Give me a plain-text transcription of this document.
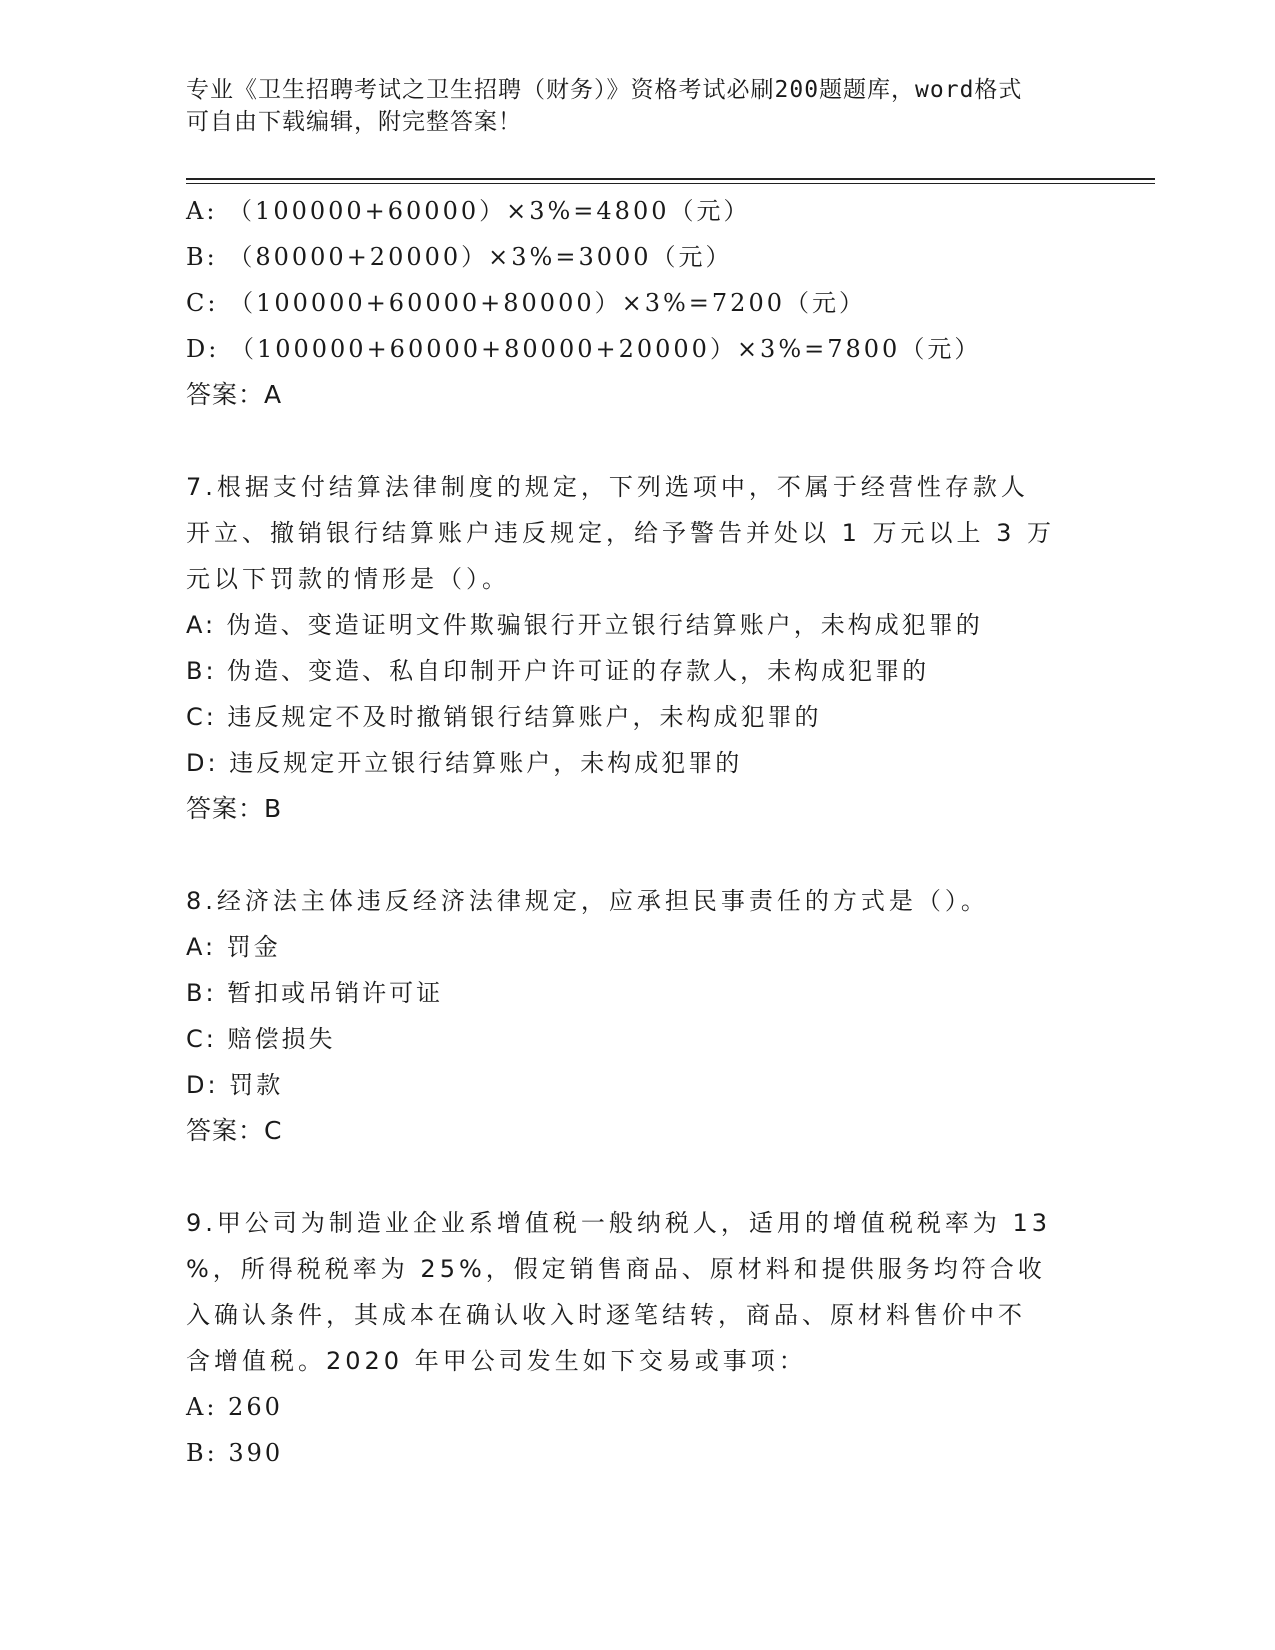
专业《卫生招聘考试之卫生招聘（财务）》资格考试必刷200题题库，word格式
可自由下载编辑，附完整答案！
A: （100000+60000）×3%=4800（元）
B: （80000+20000）×3%=3000（元）
C: （100000+60000+80000）×3%=7200（元）
D: （100000+60000+80000+20000）×3%=7800（元）
答案：A
7.根据支付结算法律制度的规定，下列选项中，不属于经营性存款人
开立、撤销银行结算账户违反规定，给予警告并处以 1 万元以上 3 万
元以下罚款的情形是（）。
A: 伪造、变造证明文件欺骗银行开立银行结算账户，未构成犯罪的
B: 伪造、变造、私自印制开户许可证的存款人，未构成犯罪的
C: 违反规定不及时撤销银行结算账户，未构成犯罪的
D: 违反规定开立银行结算账户，未构成犯罪的
答案：B
8.经济法主体违反经济法律规定，应承担民事责任的方式是（）。
A: 罚金
B: 暂扣或吊销许可证
C: 赔偿损失
D: 罚款
答案：C
9.甲公司为制造业企业系增值税一般纳税人，适用的增值税税率为 13
%，所得税税率为 25%，假定销售商品、原材料和提供服务均符合收
入确认条件，其成本在确认收入时逐笔结转，商品、原材料售价中不
含增值税。2020 年甲公司发生如下交易或事项：
A: 260
B: 390
